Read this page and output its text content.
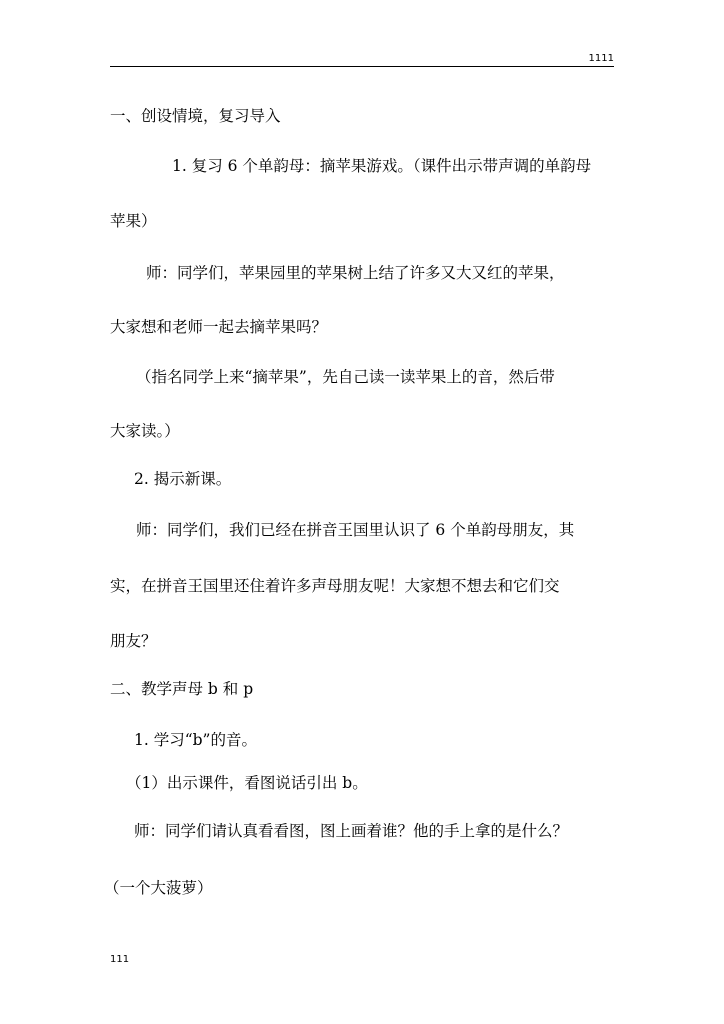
1111
一、创设情境，复习导入
1. 复习 6 个单韵母：摘苹果游戏。（课件出示带声调的单韵母
苹果）
师：同学们，苹果园里的苹果树上结了许多又大又红的苹果，
大家想和老师一起去摘苹果吗？
（指名同学上来“摘苹果”，先自己读一读苹果上的音，然后带
大家读。）
2. 揭示新课。
师：同学们，我们已经在拼音王国里认识了 6 个单韵母朋友，其
实，在拼音王国里还住着许多声母朋友呢！大家想不想去和它们交
朋友？
二、教学声母 b 和 p
1. 学习“b”的音。
（1）出示课件，看图说话引出 b。
师：同学们请认真看看图，图上画着谁？他的手上拿的是什么？
（一个大菠萝）
111
